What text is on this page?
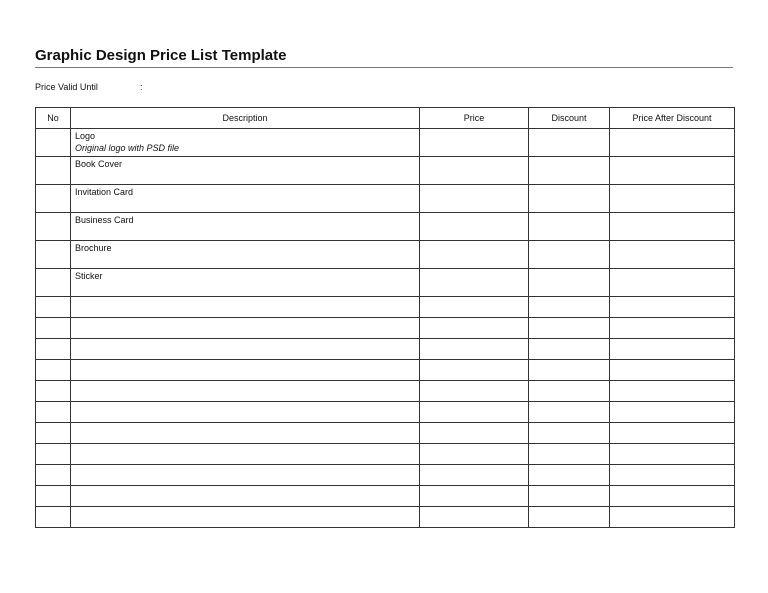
Graphic Design Price List Template
Price Valid Until	:
No	Description	Price	Discount	Price After Discount
	Logo
Original logo with PSD file			

	Book Cover

	Invitation Card

	Business Card

	Brochure

	Sticker
